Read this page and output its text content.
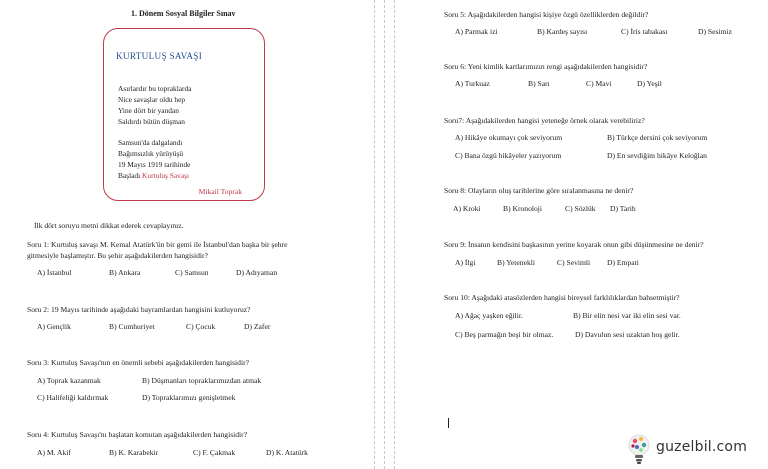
1. Dönem Sosyal Bilgiler Sınav
KURTULUŞ SAVAŞI
Asırlardır bu topraklarda
Nice savaşlar oldu hep
Yine dört bir yandan
Saldırdı bütün düşman
Samsun'da dalgalandı
Bağımsızlık yürüyüşü
19 Mayıs 1919 tarihinde
Başladı Kurtuluş Savaşı
Mikail Toprak
İlk dört soruyu metni dikkat ederek cevaplayınız.
Soru 1: Kurtuluş savaşı M. Kemal Atatürk'ün bir gemi ile İstanbul'dan başka bir şehre
gitmesiyle başlamıştır. Bu şehir aşağıdakilerden hangisidir?
A) İstanbul	B) Ankara	C) Samsun	D) Adıyaman
Soru 2: 19 Mayıs tarihinde aşağıdaki bayramlardan hangisini kutluyoruz?
A) Gençlik	B) Cumhuriyet	C) Çocuk	D) Zafer
Soru 3: Kurtuluş Savaşı'nın en önemli sebebi aşağıdakilerden hangisidir?
A) Toprak kazanmak	B) Düşmanları topraklarımızdan atmak
C) Halifeliği kaldırmak	D) Topraklarımızı genişletmek
Soru 4: Kurtuluş Savaşı'nı başlatan komutan aşağıdakilerden hangisidir?
A) M. Akif	B) K. Karabekir	C) F. Çakmak	D) K. Atatürk
Soru 5: Aşağıdakilerden hangisi kişiye özgü özelliklerden değildir?
A) Parmak izi	B) Kardeş sayısı	C) İris tabakası	D) Sesimiz
Soru 6: Yeni kimlik kartlarımızın rengi aşağıdakilerden hangisidir?
A) Turkuaz	B) Sarı	C) Mavi	D) Yeşil
Soru7: Aşağıdakilerden hangisi yeteneğe örnek olarak verebiliriz?
A) Hikâye okumayı çok seviyorum	B) Türkçe dersini çok seviyorum
C) Bana özgü hikâyeler yazıyorum	D) En sevdiğim hikâye Keloğlan
Soru 8: Olayların oluş tarihlerine göre sıralanmasına ne denir?
A) Kroki	B) Kronoloji	C) Sözlük D) Tarih
Soru 9: İnsanın kendisini başkasının yerine koyarak onun gibi düşünmesine ne denir?
A) İlgi	B) Yetenekli	C) Sevimli D) Empati
Soru 10: Aşağıdaki atasözlerden hangisi bireysel farklılıklardan bahsetmiştir?
A) Ağaç yaşken eğilir.	B) Bir elin nesi var iki elin sesi var.
C) Beş parmağın beşi bir olmaz.	D) Davulun sesi uzaktan hoş gelir.
guzelbil.com
